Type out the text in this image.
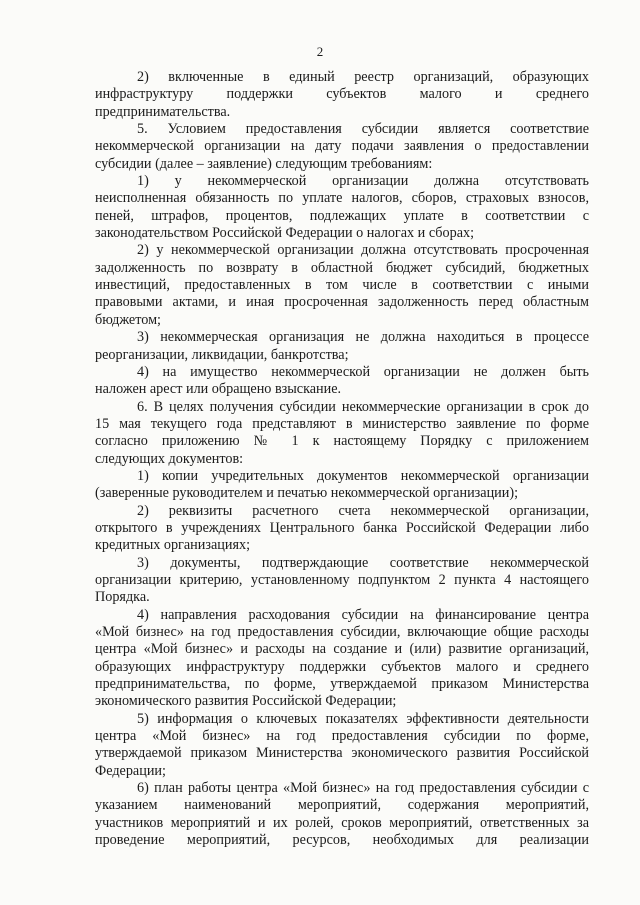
2
2) включенные в единый реестр организаций, образующих
инфраструктуру поддержки субъектов малого и среднего
предпринимательства.
5. Условием предоставления субсидии является соответствие
некоммерческой организации на дату подачи заявления о предоставлении
субсидии (далее – заявление) следующим требованиям:
1) у некоммерческой организации должна отсутствовать
неисполненная обязанность по уплате налогов, сборов, страховых взносов,
пеней, штрафов, процентов, подлежащих уплате в соответствии с
законодательством Российской Федерации о налогах и сборах;
2) у некоммерческой организации должна отсутствовать просроченная
задолженность по возврату в областной бюджет субсидий, бюджетных
инвестиций, предоставленных в том числе в соответствии с иными
правовыми актами, и иная просроченная задолженность перед областным
бюджетом;
3) некоммерческая организация не должна находиться в процессе
реорганизации, ликвидации, банкротства;
4) на имущество некоммерческой организации не должен быть
наложен арест или обращено взыскание.
6. В целях получения субсидии некоммерческие организации в срок до
15 мая текущего года представляют в министерство заявление по форме
согласно приложению № 1 к настоящему Порядку с приложением
следующих документов:
1) копии учредительных документов некоммерческой организации
(заверенные руководителем и печатью некоммерческой организации);
2) реквизиты расчетного счета некоммерческой организации,
открытого в учреждениях Центрального банка Российской Федерации либо
кредитных организациях;
3) документы, подтверждающие соответствие некоммерческой
организации критерию, установленному подпунктом 2 пункта 4 настоящего
Порядка.
4) направления расходования субсидии на финансирование центра
«Мой бизнес» на год предоставления субсидии, включающие общие расходы
центра «Мой бизнес» и расходы на создание и (или) развитие организаций,
образующих инфраструктуру поддержки субъектов малого и среднего
предпринимательства, по форме, утверждаемой приказом Министерства
экономического развития Российской Федерации;
5) информация о ключевых показателях эффективности деятельности
центра «Мой бизнес» на год предоставления субсидии по форме,
утверждаемой приказом Министерства экономического развития Российской
Федерации;
6) план работы центра «Мой бизнес» на год предоставления субсидии с
указанием наименований мероприятий, содержания мероприятий,
участников мероприятий и их ролей, сроков мероприятий, ответственных за
проведение мероприятий, ресурсов, необходимых для реализации
